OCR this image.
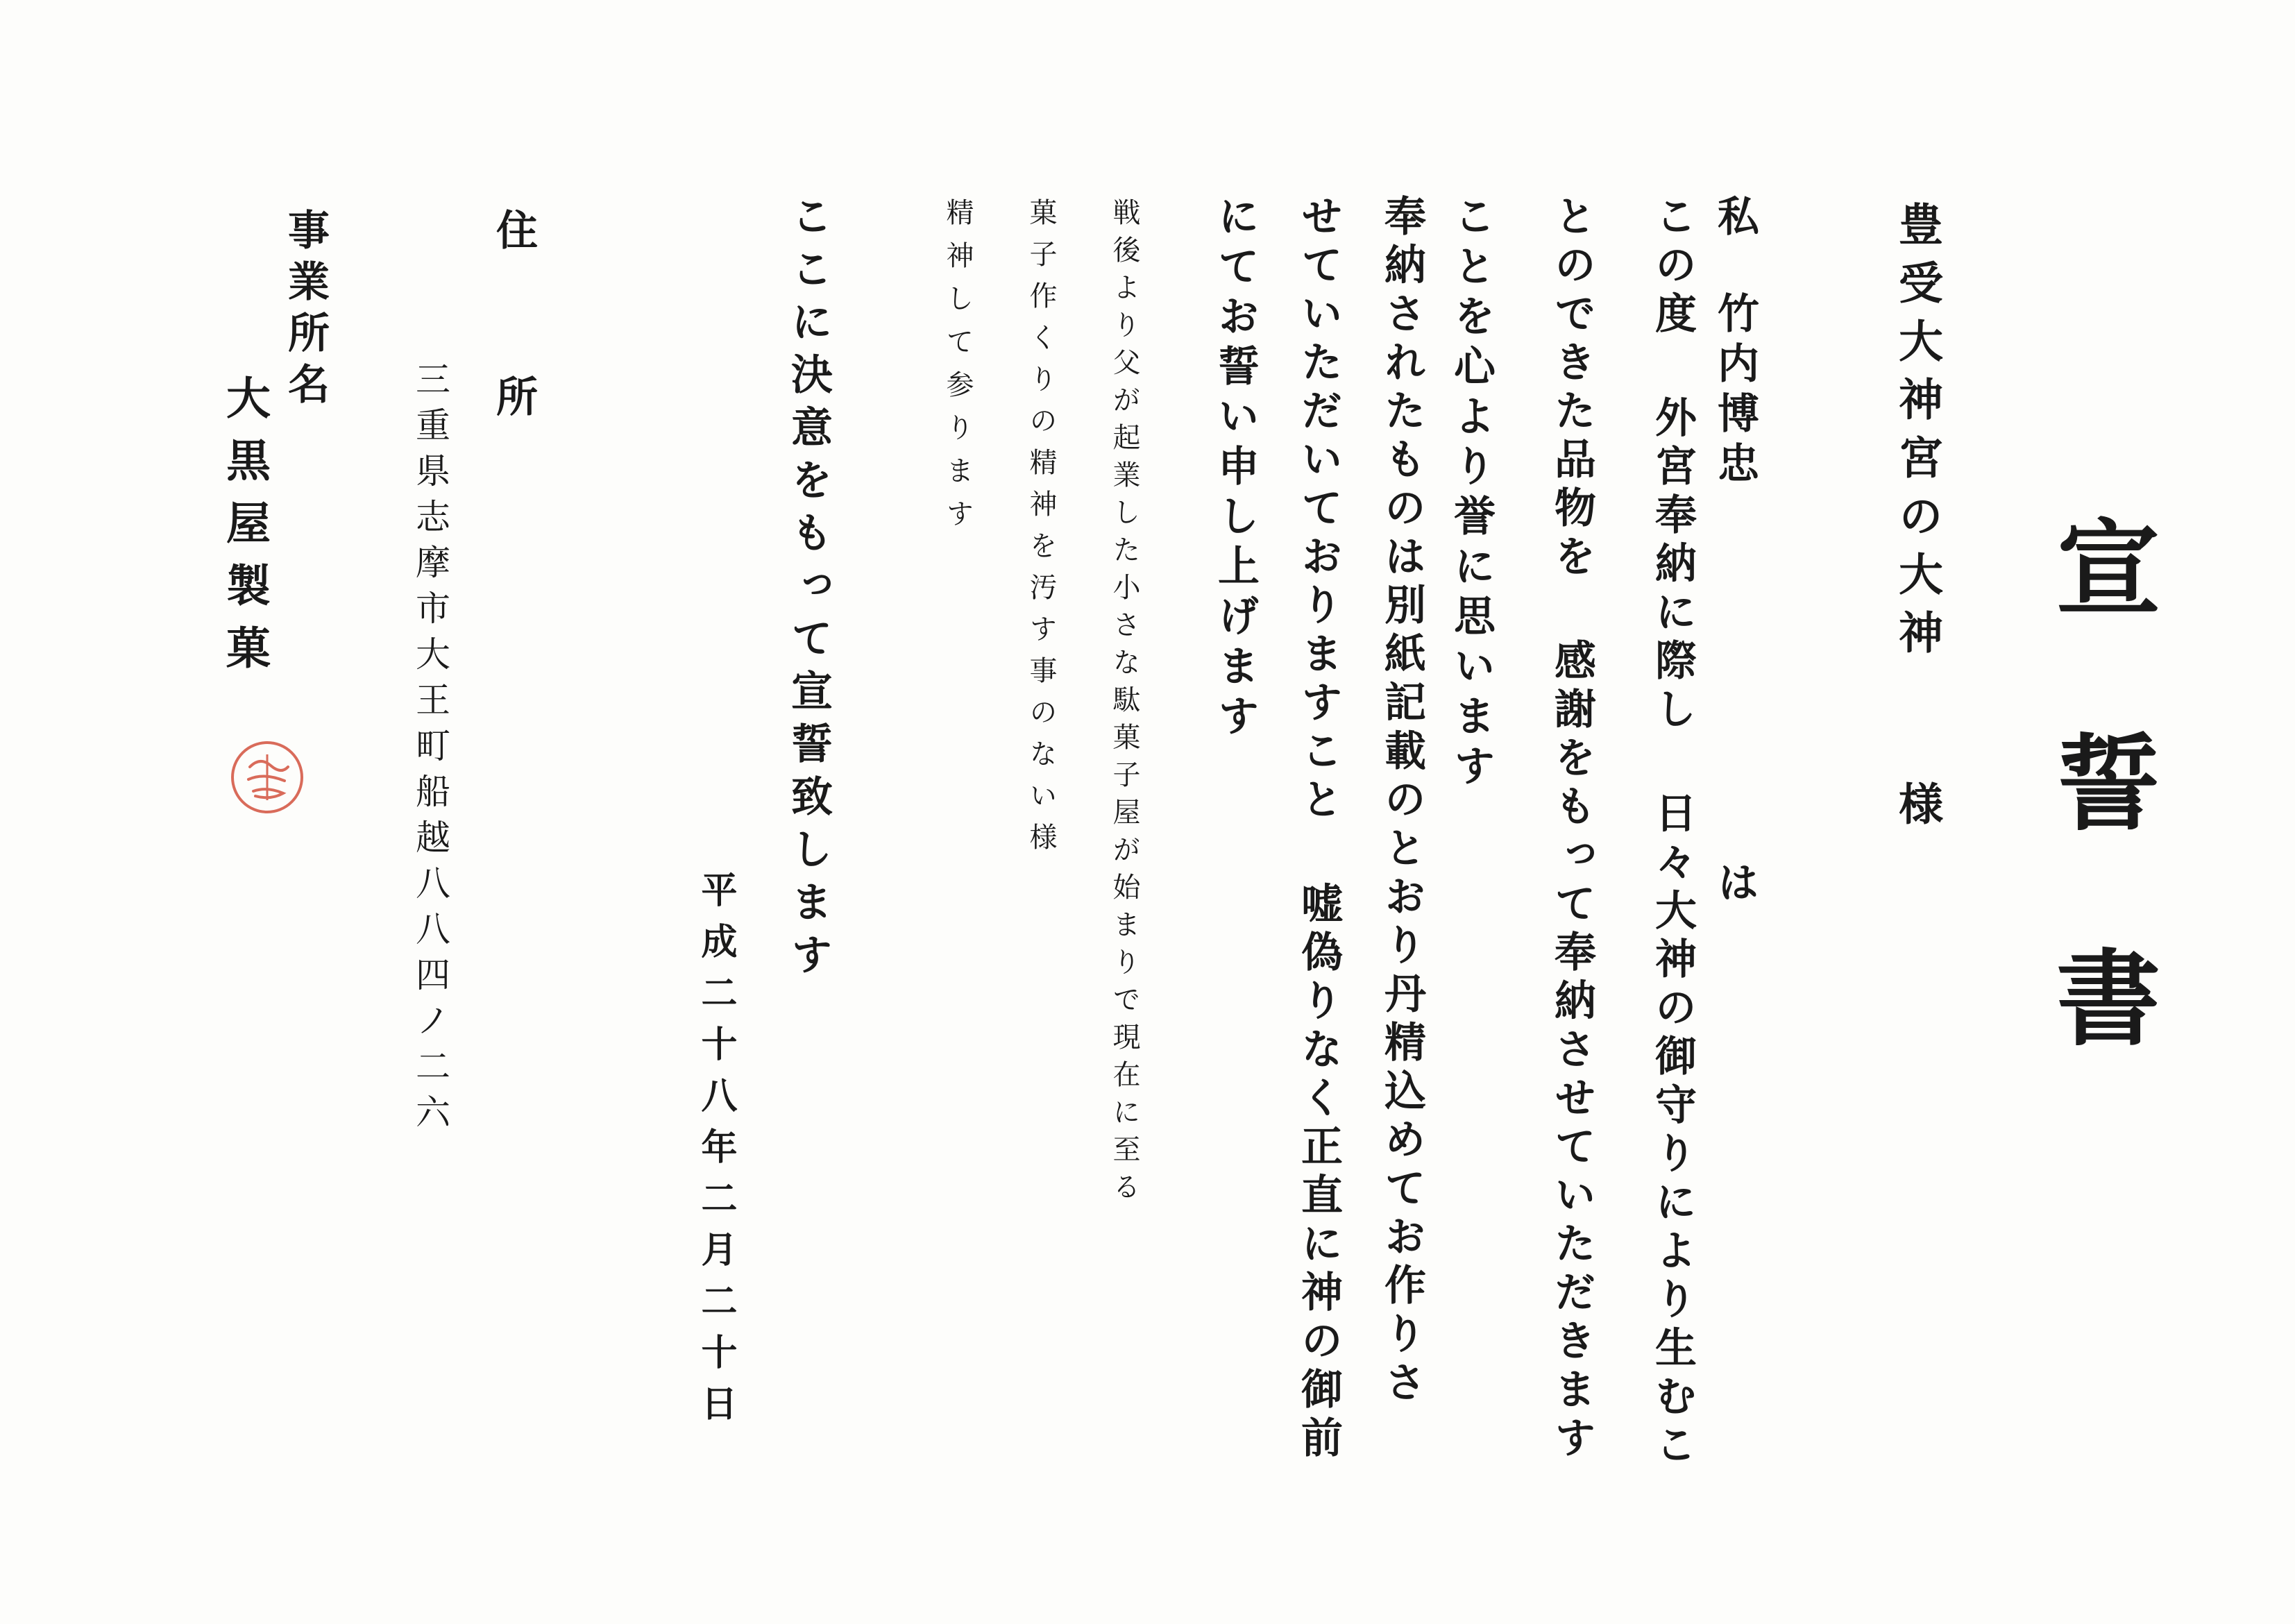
宣誓書
豊受大神宮の大神
様
私
竹内博忠
は
この度 外宮奉納に際し 日々大神の御守りにより生むこ
とのできた品物を 感謝をもって奉納させていただきます
ことを心より誉に思います
奉納されたものは別紙記載のとおり丹精込めてお作りさ
せていただいておりますこと 嘘偽りなく正直に神の御前
にてお誓い申し上げます
戦後より父が起業した小さな駄菓子屋が始まりで現在に至る
菓子作くりの精神を汚す事のない様
精神して参ります
ここに決意をもって宣誓致します
平成二十八年二月二十日
住
所
三重県志摩市大王町船越八八四ノ二六
事業所名
大黒屋製菓
